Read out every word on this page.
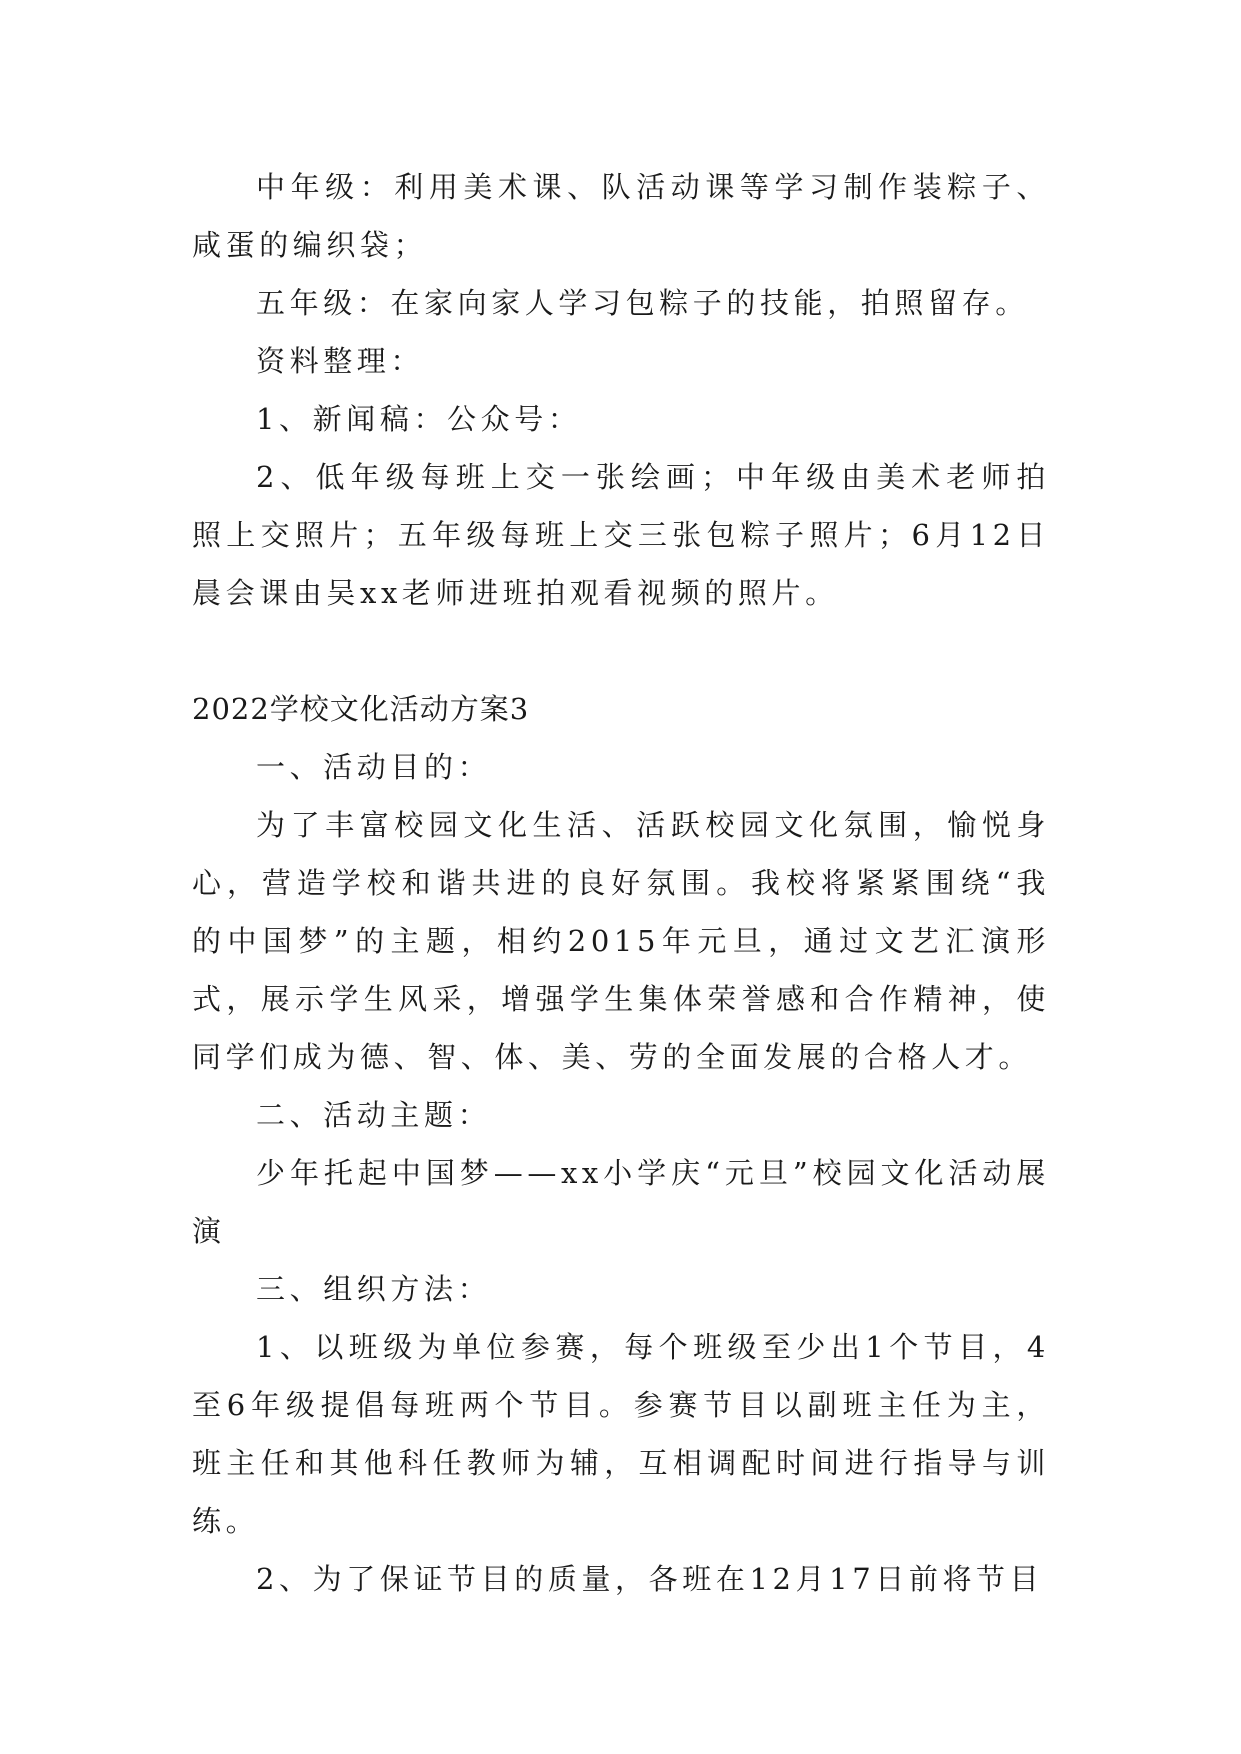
中年级：利用美术课、队活动课等学习制作装粽子、咸蛋的编织袋；

五年级：在家向家人学习包粽子的技能，拍照留存。

资料整理：

1、新闻稿：公众号：

2、低年级每班上交一张绘画；中年级由美术老师拍照上交照片；五年级每班上交三张包粽子照片；6月12日晨会课由吴xx老师进班拍观看视频的照片。

2022学校文化活动方案3

一、活动目的：

为了丰富校园文化生活、活跃校园文化氛围，愉悦身心，营造学校和谐共进的良好氛围。我校将紧紧围绕“我的中国梦”的主题，相约2015年元旦，通过文艺汇演形式，展示学生风采，增强学生集体荣誉感和合作精神，使同学们成为德、智、体、美、劳的全面发展的合格人才。

二、活动主题：

少年托起中国梦——xx小学庆“元旦”校园文化活动展演

三、组织方法：

1、以班级为单位参赛，每个班级至少出1个节目，4至6年级提倡每班两个节目。参赛节目以副班主任为主，班主任和其他科任教师为辅，互相调配时间进行指导与训练。

2、为了保证节目的质量，各班在12月17日前将节目
